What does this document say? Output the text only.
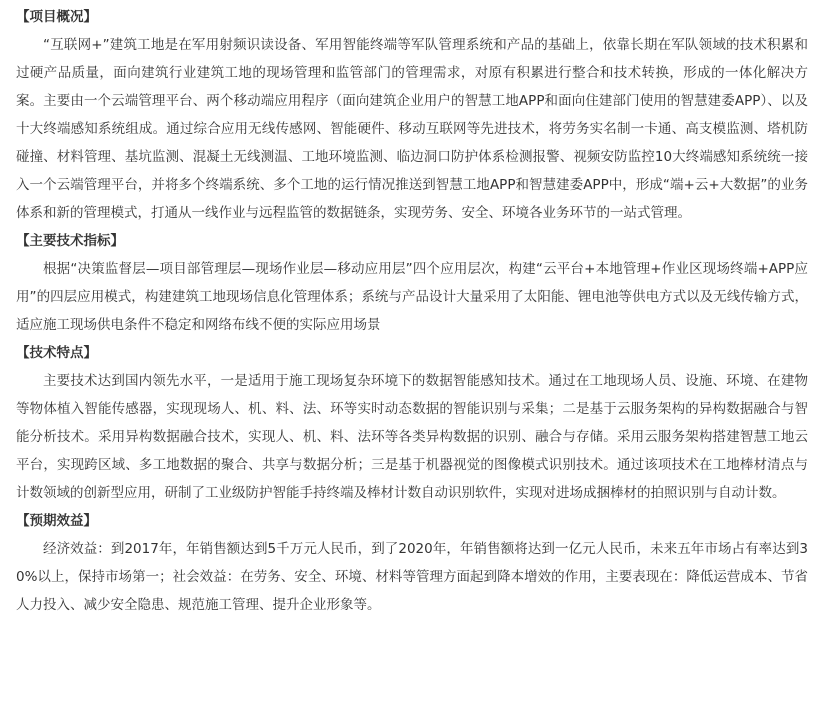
【项目概况】

“互联网+”建筑工地是在军用射频识读设备、军用智能终端等军队管理系统和产品的基础上，依靠长期在军队领域的技术积累和过硬产品质量，面向建筑行业建筑工地的现场管理和监管部门的管理需求，对原有积累进行整合和技术转换，形成的一体化解决方案。主要由一个云端管理平台、两个移动端应用程序（面向建筑企业用户的智慧工地APP和面向住建部门使用的智慧建委APP）、以及十大终端感知系统组成。通过综合应用无线传感网、智能硬件、移动互联网等先进技术，将劳务实名制一卡通、高支模监测、塔机防碰撞、材料管理、基坑监测、混凝土无线测温、工地环境监测、临边洞口防护体系检测报警、视频安防监控10大终端感知系统统一接入一个云端管理平台，并将多个终端系统、多个工地的运行情况推送到智慧工地APP和智慧建委APP中，形成“端+云+大数据”的业务体系和新的管理模式，打通从一线作业与远程监管的数据链条，实现劳务、安全、环境各业务环节的一站式管理。

【主要技术指标】

根据“决策监督层—项目部管理层—现场作业层—移动应用层”四个应用层次，构建“云平台+本地管理+作业区现场终端+APP应用”的四层应用模式，构建建筑工地现场信息化管理体系；系统与产品设计大量采用了太阳能、锂电池等供电方式以及无线传输方式，适应施工现场供电条件不稳定和网络布线不便的实际应用场景

【技术特点】

主要技术达到国内领先水平，一是适用于施工现场复杂环境下的数据智能感知技术。通过在工地现场人员、设施、环境、在建物等物体植入智能传感器，实现现场人、机、料、法、环等实时动态数据的智能识别与采集；二是基于云服务架构的异构数据融合与智能分析技术。采用异构数据融合技术，实现人、机、料、法环等各类异构数据的识别、融合与存储。采用云服务架构搭建智慧工地云平台，实现跨区域、多工地数据的聚合、共享与数据分析；三是基于机器视觉的图像模式识别技术。通过该项技术在工地棒材清点与计数领域的创新型应用，研制了工业级防护智能手持终端及棒材计数自动识别软件，实现对进场成捆棒材的拍照识别与自动计数。

【预期效益】

经济效益：到2017年，年销售额达到5千万元人民币，到了2020年，年销售额将达到一亿元人民币，未来五年市场占有率达到30%以上，保持市场第一；社会效益：在劳务、安全、环境、材料等管理方面起到降本增效的作用，主要表现在：降低运营成本、节省人力投入、减少安全隐患、规范施工管理、提升企业形象等。
